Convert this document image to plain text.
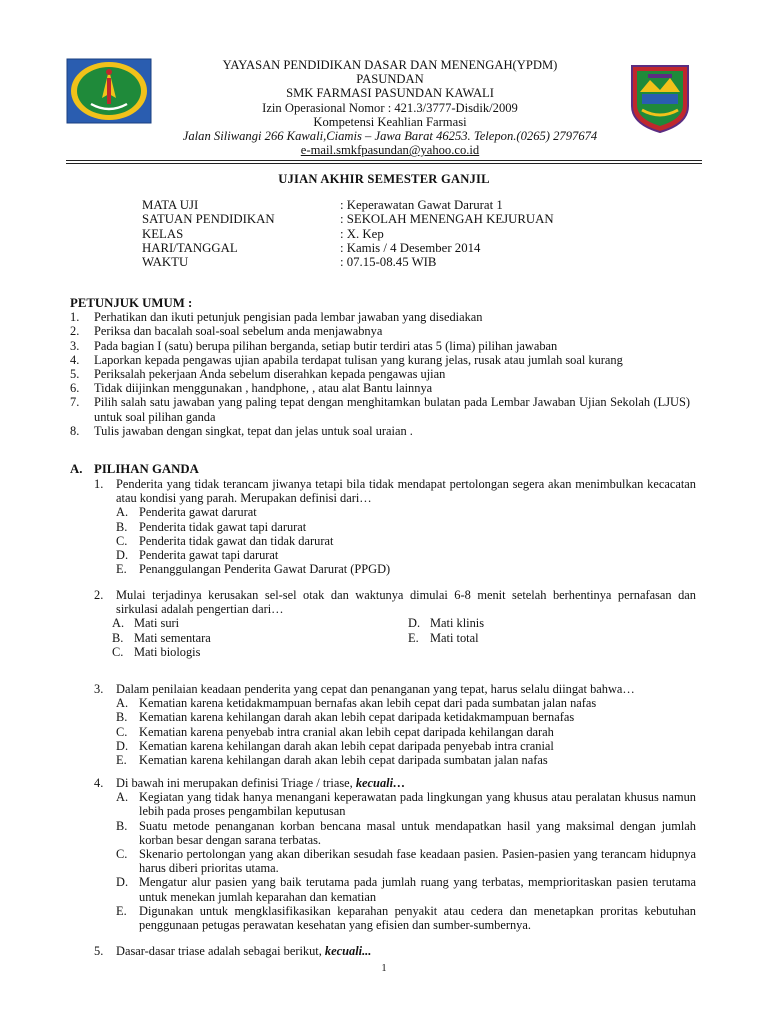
YAYASAN PENDIDIKAN DASAR DAN MENENGAH(YPDM)
PASUNDAN
SMK FARMASI PASUNDAN KAWALI
Izin Operasional Nomor : 421.3/3777-Disdik/2009
Kompetensi Keahlian Farmasi
Jalan Siliwangi 266 Kawali,Ciamis – Jawa Barat 46253. Telepon.(0265) 2797674
e-mail.smkfpasundan@yahoo.co.id
UJIAN AKHIR SEMESTER GANJIL
MATA UJI	: Keperawatan Gawat Darurat 1
SATUAN PENDIDIKAN	: SEKOLAH MENENGAH KEJURUAN
KELAS	: X. Kep
HARI/TANGGAL	: Kamis / 4 Desember 2014
WAKTU	: 07.15-08.45 WIB
PETUNJUK UMUM :
1. Perhatikan dan ikuti petunjuk pengisian pada lembar jawaban yang disediakan
2. Periksa dan bacalah soal-soal sebelum anda menjawabnya
3. Pada bagian I (satu) berupa pilihan berganda, setiap butir terdiri atas 5 (lima) pilihan jawaban
4. Laporkan kepada pengawas ujian apabila terdapat tulisan yang kurang jelas, rusak atau jumlah soal kurang
5. Periksalah pekerjaan Anda sebelum diserahkan kepada pengawas ujian
6. Tidak diijinkan menggunakan , handphone, , atau alat Bantu lainnya
7. Pilih salah satu jawaban yang paling tepat dengan menghitamkan bulatan pada Lembar Jawaban Ujian Sekolah (LJUS) untuk soal pilihan ganda
8. Tulis jawaban dengan singkat, tepat dan jelas untuk soal uraian .
A. PILIHAN GANDA
1. Penderita yang tidak terancam jiwanya tetapi bila tidak mendapat pertolongan segera akan menimbulkan kecacatan atau kondisi yang parah. Merupakan definisi dari…
A. Penderita gawat darurat
B. Penderita tidak gawat tapi darurat
C. Penderita tidak gawat dan tidak darurat
D. Penderita gawat tapi darurat
E. Penanggulangan Penderita Gawat Darurat (PPGD)
2. Mulai terjadinya kerusakan sel-sel otak dan waktunya dimulai 6-8 menit setelah berhentinya pernafasan dan sirkulasi adalah pengertian dari…
A. Mati suri
B. Mati sementara
C. Mati biologis
D. Mati klinis
E. Mati total
3. Dalam penilaian keadaan penderita yang cepat dan penanganan yang tepat, harus selalu diingat bahwa…
A. Kematian karena ketidakmampuan bernafas akan lebih cepat dari pada sumbatan jalan nafas
B. Kematian karena kehilangan darah akan lebih cepat daripada ketidakmampuan bernafas
C. Kematian karena penyebab intra cranial akan lebih cepat daripada kehilangan darah
D. Kematian karena kehilangan darah akan lebih cepat daripada penyebab intra cranial
E. Kematian karena kehilangan darah akan lebih cepat daripada sumbatan jalan nafas
4. Di bawah ini merupakan definisi Triage / triase, kecuali…
A. Kegiatan yang tidak hanya menangani keperawatan pada lingkungan yang khusus atau peralatan khusus namun lebih pada proses pengambilan keputusan
B. Suatu metode penanganan korban bencana masal untuk mendapatkan hasil yang maksimal dengan jumlah korban besar dengan sarana terbatas.
C. Skenario pertolongan yang akan diberikan sesudah fase keadaan pasien. Pasien-pasien yang terancam hidupnya harus diberi prioritas utama.
D. Mengatur alur pasien yang baik terutama pada jumlah ruang yang terbatas, memprioritaskan pasien terutama untuk menekan jumlah keparahan dan kematian
E. Digunakan untuk mengklasifikasikan keparahan penyakit atau cedera dan menetapkan proritas kebutuhan penggunaan petugas perawatan kesehatan yang efisien dan sumber-sumbernya.
5. Dasar-dasar triase adalah sebagai berikut, kecuali...
1
